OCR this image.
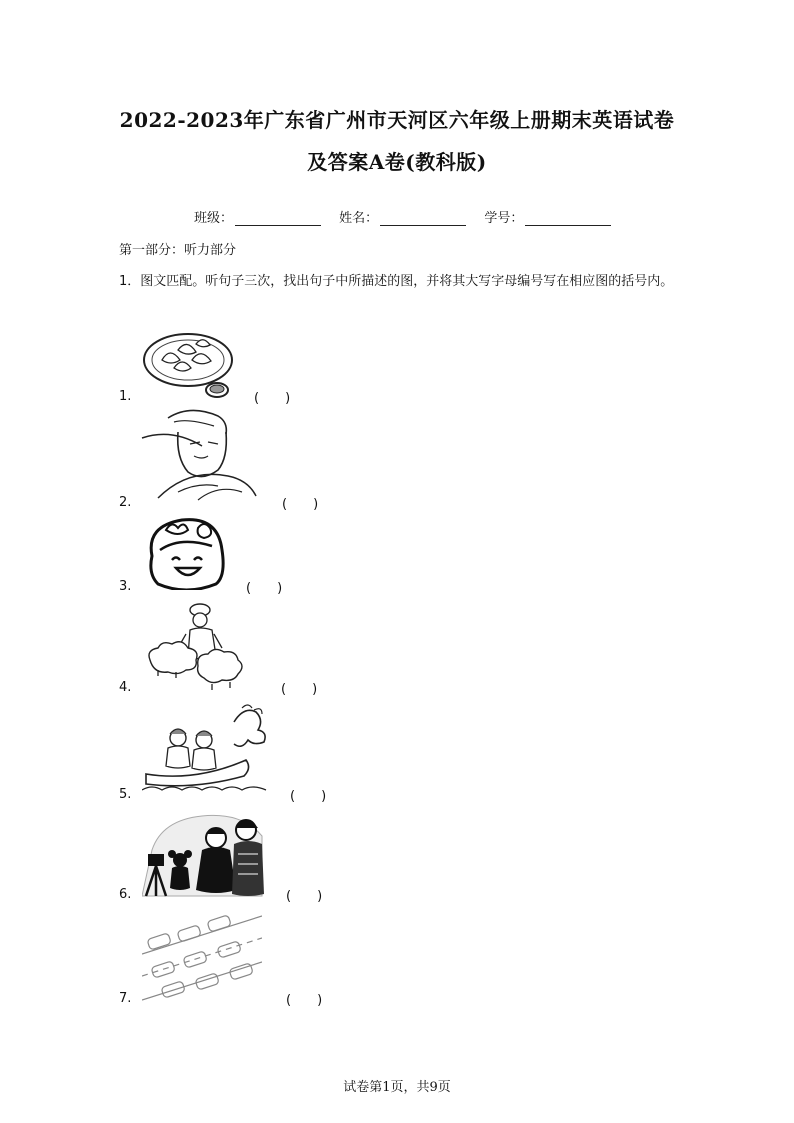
2022-2023年广东省广州市天河区六年级上册期末英语试卷
及答案A卷(教科版)
班级：	姓名：	学号：
第一部分：听力部分
1．图文匹配。听句子三次，找出句子中所描述的图，并将其大写字母编号写在相应图的括号内。
1.	(　　)
2.	(　　)
3.	(　　)
4.	(　　)
5.	(　　)
6.	(　　)
7.	(　　)
试卷第1页，共9页
